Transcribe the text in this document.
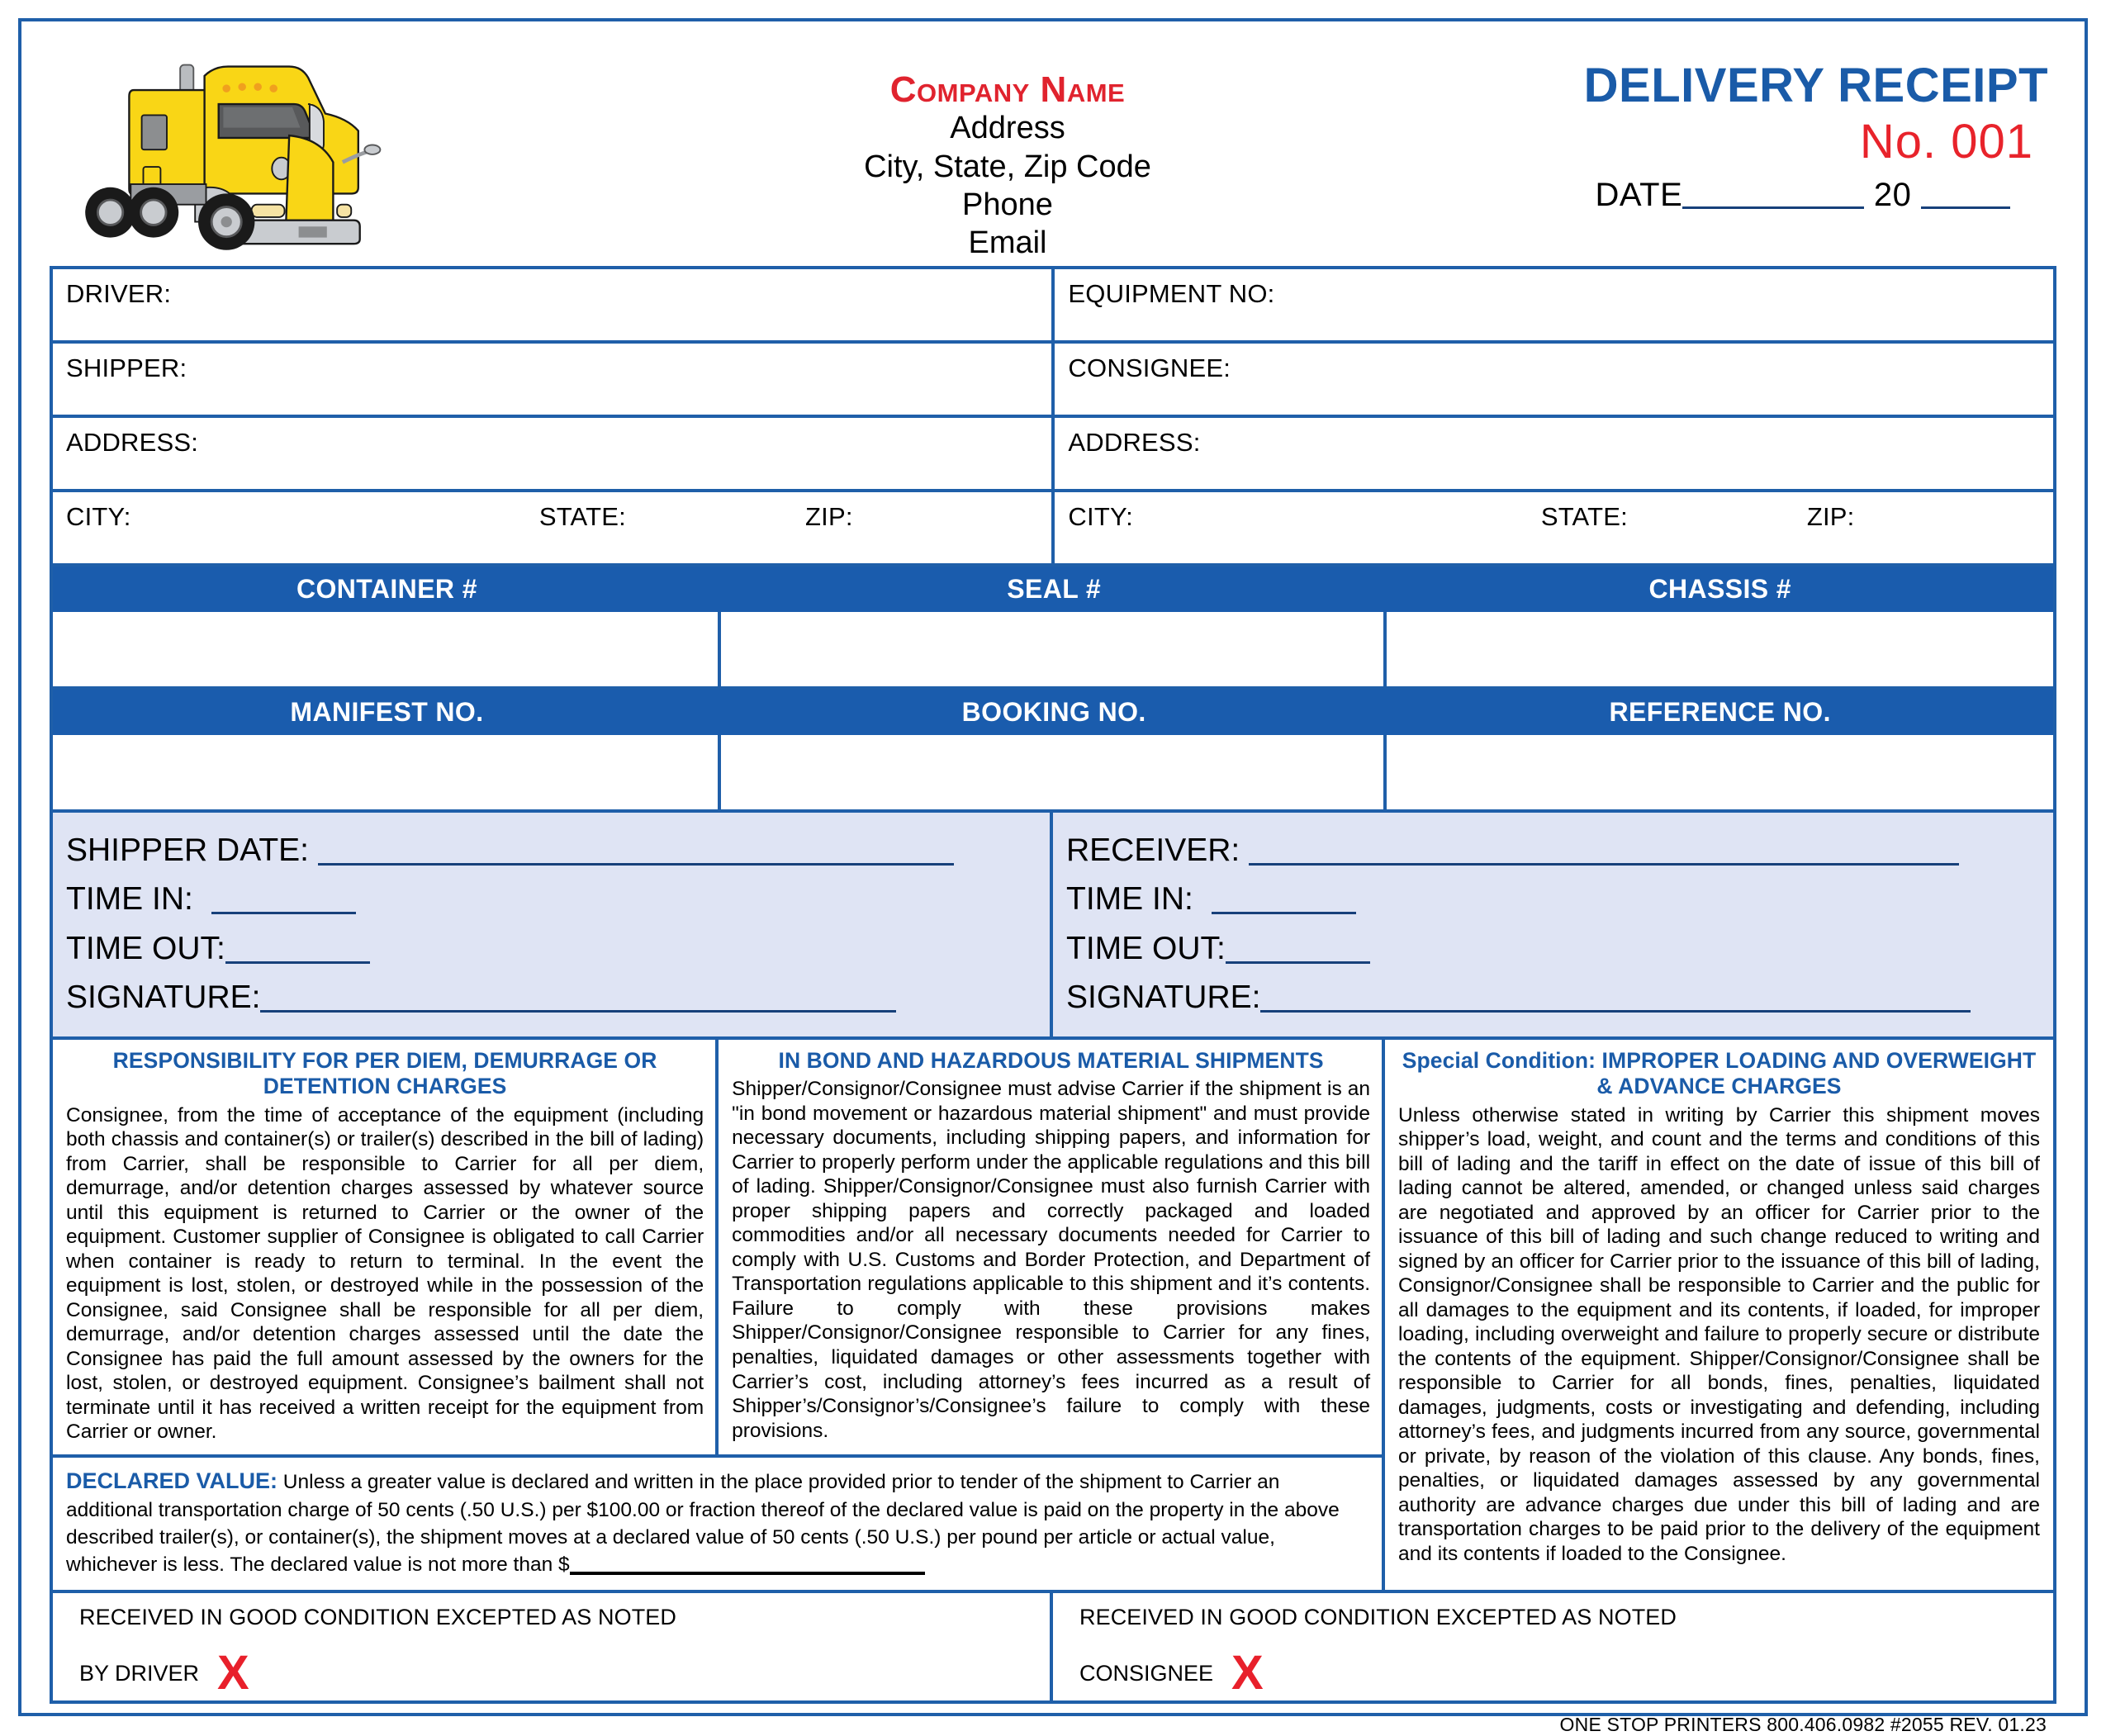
Company Name
Address
City, State, Zip Code
Phone
Email
DELIVERY RECEIPT
No. 001
DATE	20
DRIVER:	EQUIPMENT NO:
SHIPPER:	CONSIGNEE:
ADDRESS:	ADDRESS:
CITY:	STATE:	ZIP:	CITY:	STATE:	ZIP:
CONTAINER #	SEAL #	CHASSIS #
MANIFEST NO.	BOOKING NO.	REFERENCE NO.
SHIPPER DATE:
TIME IN:
TIME OUT:
SIGNATURE:
RECEIVER:
TIME IN:
TIME OUT:
SIGNATURE:
RESPONSIBILITY FOR PER DIEM, DEMURRAGE OR DETENTION CHARGES
Consignee, from the time of acceptance of the equipment (including both chassis and container(s) or trailer(s) described in the bill of lading) from Carrier, shall be responsible to Carrier for all per diem, demurrage, and/or detention charges assessed by whatever source until this equipment is returned to Carrier or the owner of the equipment. Customer supplier of Consignee is obligated to call Carrier when container is ready to return to terminal. In the event the equipment is lost, stolen, or destroyed while in the possession of the Consignee, said Consignee shall be responsible for all per diem, demurrage, and/or detention charges assessed until the date the Consignee has paid the full amount assessed by the owners for the lost, stolen, or destroyed equipment. Consignee’s bailment shall not terminate until it has received a written receipt for the equipment from Carrier or owner.
IN BOND AND HAZARDOUS MATERIAL SHIPMENTS
Shipper/Consignor/Consignee must advise Carrier if the shipment is an "in bond movement or hazardous material shipment" and must provide necessary documents, including shipping papers, and information for Carrier to properly perform under the applicable regulations and this bill of lading. Shipper/Consignor/Consignee must also furnish Carrier with proper shipping papers and correctly packaged and loaded commodities and/or all necessary documents needed for Carrier to comply with U.S. Customs and Border Protection, and Department of Transportation regulations applicable to this shipment and it’s contents. Failure to comply with these provisions makes Shipper/Consignor/Consignee responsible to Carrier for any fines, penalties, liquidated damages or other assessments together with Carrier’s cost, including attorney’s fees incurred as a result of Shipper’s/Consignor’s/Consignee’s failure to comply with these provisions.
DECLARED VALUE: Unless a greater value is declared and written in the place provided prior to tender of the shipment to Carrier an additional transportation charge of 50 cents (.50 U.S.) per $100.00 or fraction thereof of the declared value is paid on the property in the above described trailer(s), or container(s), the shipment moves at a declared value of 50 cents (.50 U.S.) per pound per article or actual value, whichever is less. The declared value is not more than $
Special Condition: IMPROPER LOADING AND OVERWEIGHT & ADVANCE CHARGES
Unless otherwise stated in writing by Carrier this shipment moves shipper’s load, weight, and count and the terms and conditions of this bill of lading and the tariff in effect on the date of issue of this bill of lading cannot be altered, amended, or changed unless said charges are negotiated and approved by an officer for Carrier prior to the issuance of this bill of lading and such change reduced to writing and signed by an officer for Carrier prior to the issuance of this bill of lading, Consignor/Consignee shall be responsible to Carrier and the public for all damages to the equipment and its contents, if loaded, for improper loading, including overweight and failure to properly secure or distribute the contents of the equipment. Shipper/Consignor/Consignee shall be responsible to Carrier for all bonds, fines, penalties, liquidated damages, judgments, costs or investigating and defending, including attorney’s fees, and judgments incurred from any source, governmental or private, by reason of the violation of this clause. Any bonds, fines, penalties, or liquidated damages assessed by any governmental authority are advance charges due under this bill of lading and are transportation charges to be paid prior to the delivery of the equipment and its contents if loaded to the Consignee.
RECEIVED IN GOOD CONDITION EXCEPTED AS NOTED
BY DRIVER X
RECEIVED IN GOOD CONDITION EXCEPTED AS NOTED
CONSIGNEE X
ONE STOP PRINTERS 800.406.0982 #2055 REV. 01.23
